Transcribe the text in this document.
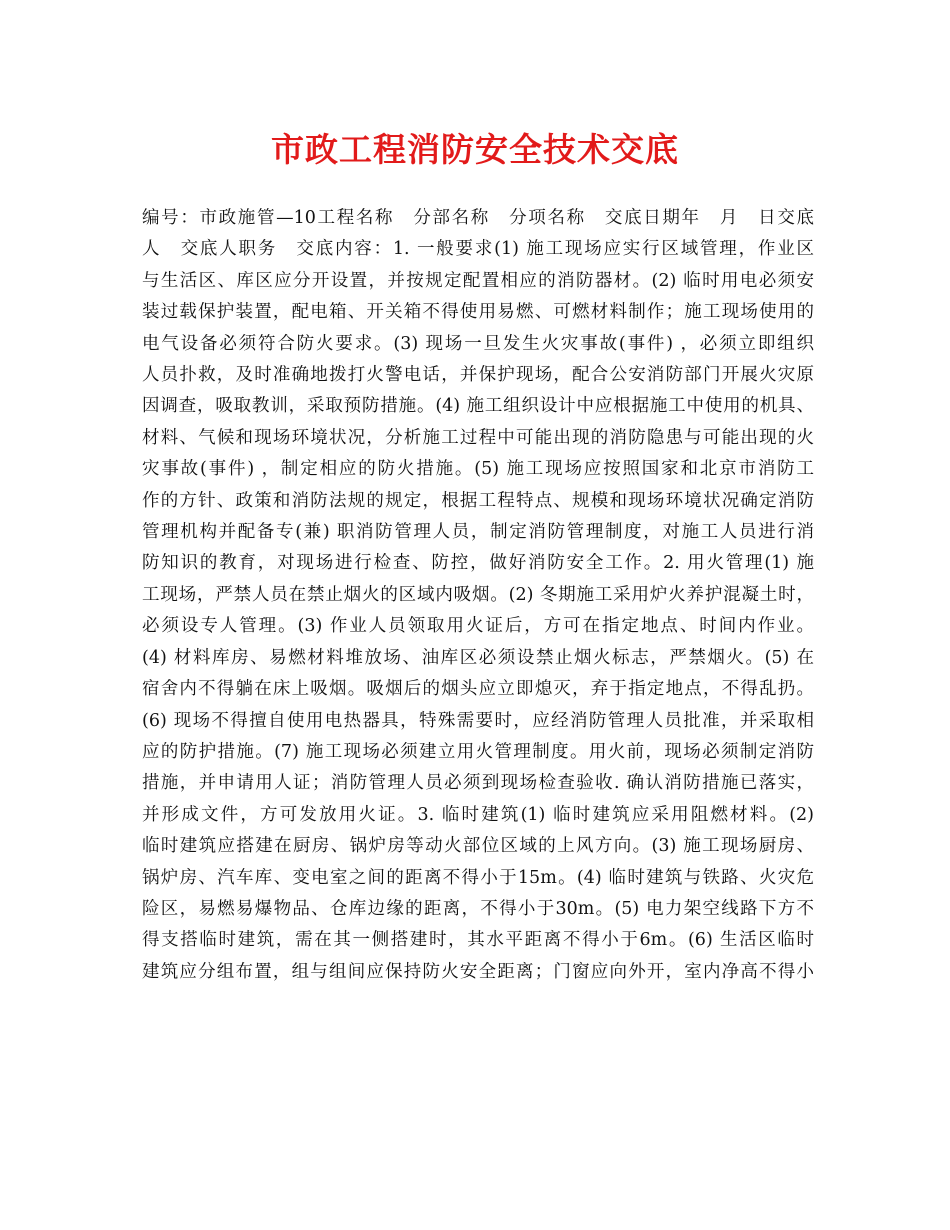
市政工程消防安全技术交底
编号：市政施管—10工程名称　分部名称　分项名称　交底日期年　月　日交底
人　交底人职务　交底内容：1. 一般要求(1) 施工现场应实行区域管理，作业区
与生活区、库区应分开设置，并按规定配置相应的消防器材。(2) 临时用电必须安
装过载保护装置，配电箱、开关箱不得使用易燃、可燃材料制作；施工现场使用的
电气设备必须符合防火要求。(3) 现场一旦发生火灾事故(事件) ，必须立即组织
人员扑救，及时准确地拨打火警电话，并保护现场，配合公安消防部门开展火灾原
因调查，吸取教训，采取预防措施。(4) 施工组织设计中应根据施工中使用的机具、
材料、气候和现场环境状况，分析施工过程中可能出现的消防隐患与可能出现的火
灾事故(事件) ，制定相应的防火措施。(5) 施工现场应按照国家和北京市消防工
作的方针、政策和消防法规的规定，根据工程特点、规模和现场环境状况确定消防
管理机构并配备专(兼) 职消防管理人员，制定消防管理制度，对施工人员进行消
防知识的教育，对现场进行检查、防控，做好消防安全工作。2. 用火管理(1) 施
工现场，严禁人员在禁止烟火的区域内吸烟。(2) 冬期施工采用炉火养护混凝土时，
必须设专人管理。(3) 作业人员领取用火证后，方可在指定地点、时间内作业。
(4) 材料库房、易燃材料堆放场、油库区必须设禁止烟火标志，严禁烟火。(5) 在
宿舍内不得躺在床上吸烟。吸烟后的烟头应立即熄灭，弃于指定地点，不得乱扔。
(6) 现场不得擅自使用电热器具，特殊需要时，应经消防管理人员批准，并采取相
应的防护措施。(7) 施工现场必须建立用火管理制度。用火前，现场必须制定消防
措施，并申请用人证；消防管理人员必须到现场检查验收. 确认消防措施已落实，
并形成文件，方可发放用火证。3. 临时建筑(1) 临时建筑应采用阻燃材料。(2)
临时建筑应搭建在厨房、锅炉房等动火部位区域的上风方向。(3) 施工现场厨房、
锅炉房、汽车库、变电室之间的距离不得小于15m。(4) 临时建筑与铁路、火灾危
险区，易燃易爆物品、仓库边缘的距离，不得小于30m。(5) 电力架空线路下方不
得支搭临时建筑，需在其一侧搭建时，其水平距离不得小于6m。(6) 生活区临时
建筑应分组布置，组与组间应保持防火安全距离；门窗应向外开，室内净高不得小
